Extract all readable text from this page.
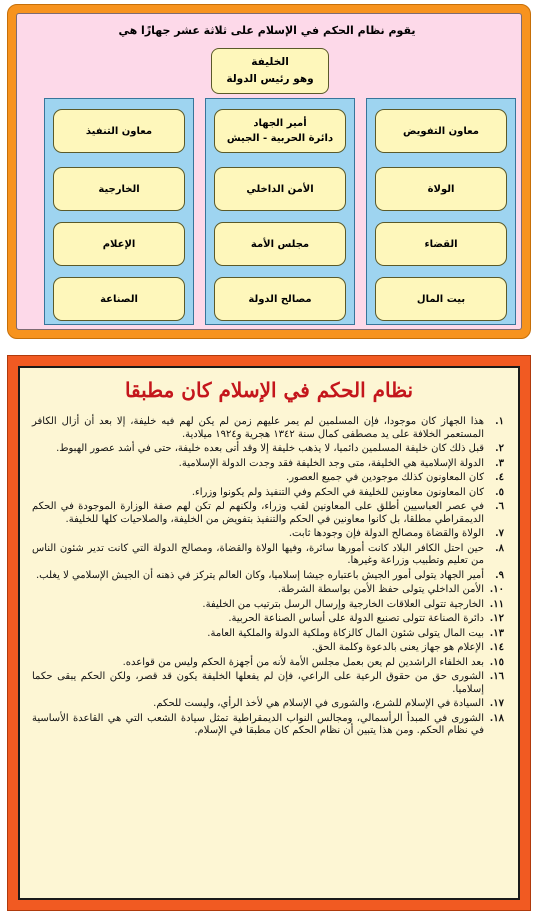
يقوم نظام الحكم في الإسلام على ثلاثة عشر جهازًا هي
الخليفة
وهو رئيس الدولة
معاون التفويض
الولاة
القضاء
بيت المال
أمير الجهاد
دائرة الحربية - الجيش
الأمن الداخلي
مجلس الأمة
مصالح الدولة
معاون التنفيذ
الخارجية
الإعلام
الصناعة
نظام الحكم في الإسلام كان مطبقا
١.
هذا الجهاز كان موجودا، فإن المسلمين لم يمر عليهم زمن لم يكن لهم فيه خليفة، إلا بعد أن أزال الكافر المستعمر الخلافة على يد مصطفى كمال سنة ١٣٤٢ هجرية و١٩٢٤ ميلادية.
٢.
قبل ذلك كان خليفة المسلمين دائميا، لا يذهب خليفة إلا وقد أتى بعده خليفة، حتى في أشد عصور الهبوط.
٣.
الدولة الإسلامية هي الخليفة، متى وجد الخليفة فقد وجدت الدولة الإسلامية.
٤.
كان المعاونون كذلك موجودين في جميع العصور.
٥.
كان المعاونون معاونين للخليفة في الحكم وفي التنفيذ ولم يكونوا وزراء.
٦.
في عصر العباسيين أطلق على المعاونين لقب وزراء، ولكنهم لم تكن لهم صفة الوزارة الموجودة في الحكم الديمقراطي مطلقا، بل كانوا معاونين في الحكم والتنفيذ بتفويض من الخليفة، والصلاحيات كلها للخليفة.
٧.
الولاة والقضاة ومصالح الدولة فإن وجودها ثابت.
٨.
حين احتل الكافر البلاد كانت أمورها سائرة، وفيها الولاة والقضاة، ومصالح الدولة التي كانت تدير شئون الناس من تعليم وتطبيب وزراعة وغيرها.
٩.
أمير الجهاد يتولى أمور الجيش باعتباره جيشا إسلاميا، وكان العالم يتركز في ذهنه أن الجيش الإسلامي لا يغلب.
١٠.
الأمن الداخلي يتولى حفظ الأمن بواسطة الشرطة.
١١.
الخارجية تتولى العلاقات الخارجية وإرسال الرسل بترتيب من الخليفة.
١٢.
دائرة الصناعة تتولى تصنيع الدولة على أساس الصناعة الحربية.
١٣.
بيت المال يتولى شئون المال كالزكاة وملكية الدولة والملكية العامة.
١٤.
الإعلام هو جهاز يعنى بالدعوة وكلمة الحق.
١٥.
بعد الخلفاء الراشدين لم يعن بعمل مجلس الأمة لأنه من أجهزة الحكم وليس من قواعده.
١٦.
الشورى حق من حقوق الرعية على الراعي، فإن لم يفعلها الخليفة يكون قد قصر، ولكن الحكم يبقى حكما إسلاميا.
١٧.
السيادة في الإسلام للشرع، والشورى في الإسلام هي لأخذ الرأي، وليست للحكم.
١٨.
الشورى في المبدأ الرأسمالي، ومجالس النواب الديمقراطية تمثل سيادة الشعب التي هي القاعدة الأساسية في نظام الحكم. ومن هذا يتبين أن نظام الحكم كان مطبقا في الإسلام.
